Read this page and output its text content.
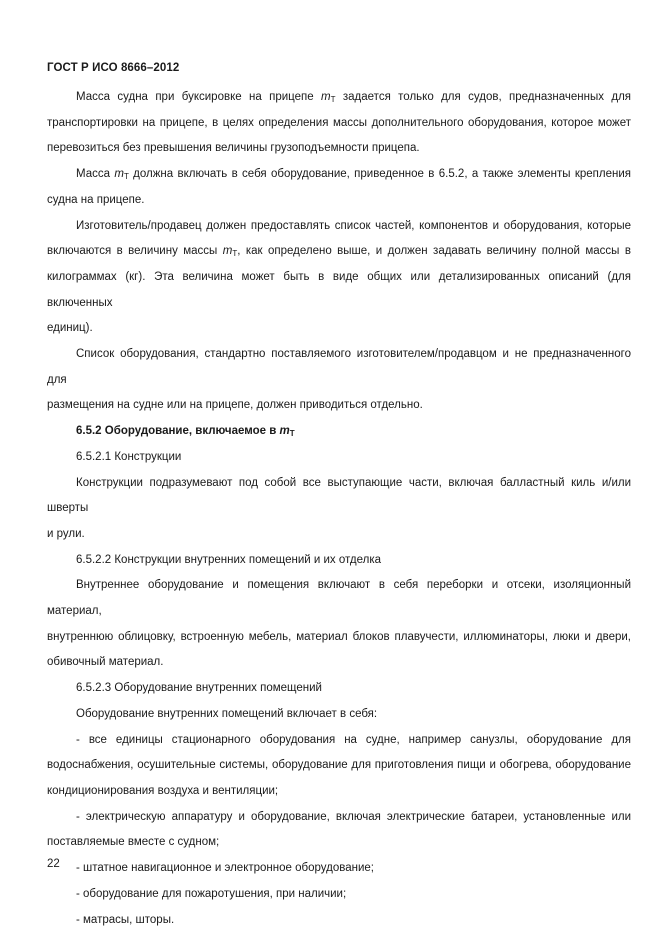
ГОСТ Р ИСО 8666–2012

Масса судна при буксировке на прицепе mT задается только для судов, предназначенных для

транспортировки на прицепе, в целях определения массы дополнительного оборудования, которое может

перевозиться без превышения величины грузоподъемности прицепа.

Масса mT должна включать в себя оборудование, приведенное в 6.5.2, а также элементы крепления

судна на прицепе.

Изготовитель/продавец должен предоставлять список частей, компонентов и оборудования, которые

включаются в величину массы mT, как определено выше, и должен задавать величину полной массы в

килограммах (кг). Эта величина может быть в виде общих или детализированных описаний (для включенных

единиц).

Список оборудования, стандартно поставляемого изготовителем/продавцом и не предназначенного для

размещения на судне или на прицепе, должен приводиться отдельно.

6.5.2 Оборудование, включаемое в mT

6.5.2.1 Конструкции

Конструкции подразумевают под собой все выступающие части, включая балластный киль и/или шверты

и рули.

6.5.2.2 Конструкции внутренних помещений и их отделка

Внутреннее оборудование и помещения включают в себя переборки и отсеки, изоляционный материал,

внутреннюю облицовку, встроенную мебель, материал блоков плавучести, иллюминаторы, люки и двери,

обивочный материал.

6.5.2.3 Оборудование внутренних помещений

Оборудование внутренних помещений включает в себя:

- все единицы стационарного оборудования на судне, например санузлы, оборудование для

водоснабжения, осушительные системы, оборудование для приготовления пищи и обогрева, оборудование

кондиционирования воздуха и вентиляции;

- электрическую аппаратуру и оборудование, включая электрические батареи, установленные или

поставляемые вместе с судном;

- штатное навигационное и электронное оборудование;

- оборудование для пожаротушения, при наличии;

- матрасы, шторы.

22
